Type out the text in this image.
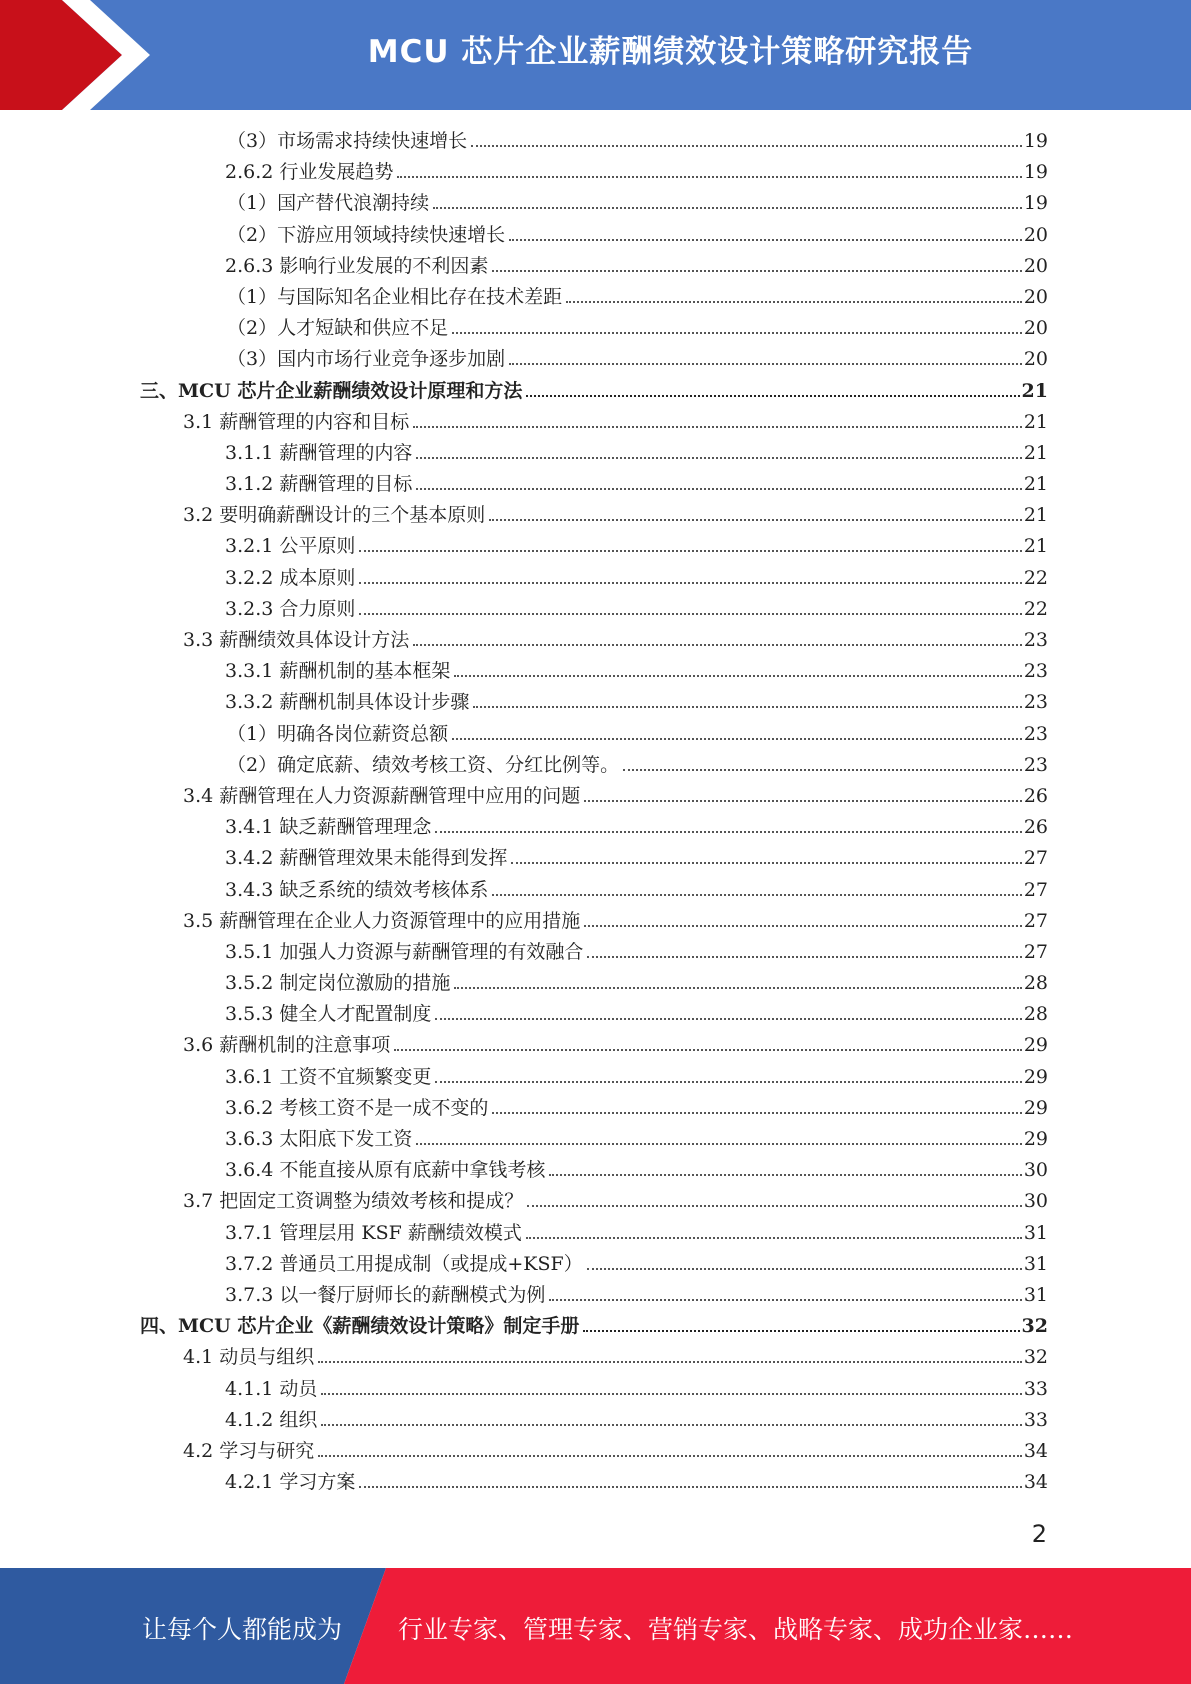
MCU 芯片企业薪酬绩效设计策略研究报告
（3）市场需求持续快速增长	19
2.6.2 行业发展趋势	19
（1）国产替代浪潮持续	19
（2）下游应用领域持续快速增长	20
2.6.3 影响行业发展的不利因素	20
（1）与国际知名企业相比存在技术差距	20
（2）人才短缺和供应不足	20
（3）国内市场行业竞争逐步加剧	20
三、MCU 芯片企业薪酬绩效设计原理和方法	21
3.1 薪酬管理的内容和目标	21
3.1.1 薪酬管理的内容	21
3.1.2 薪酬管理的目标	21
3.2 要明确薪酬设计的三个基本原则	21
3.2.1 公平原则	21
3.2.2 成本原则	22
3.2.3 合力原则	22
3.3 薪酬绩效具体设计方法	23
3.3.1 薪酬机制的基本框架	23
3.3.2 薪酬机制具体设计步骤	23
（1）明确各岗位薪资总额	23
（2）确定底薪、绩效考核工资、分红比例等。	23
3.4 薪酬管理在人力资源薪酬管理中应用的问题	26
3.4.1 缺乏薪酬管理理念	26
3.4.2 薪酬管理效果未能得到发挥	27
3.4.3 缺乏系统的绩效考核体系	27
3.5 薪酬管理在企业人力资源管理中的应用措施	27
3.5.1 加强人力资源与薪酬管理的有效融合	27
3.5.2 制定岗位激励的措施	28
3.5.3 健全人才配置制度	28
3.6 薪酬机制的注意事项	29
3.6.1 工资不宜频繁变更	29
3.6.2 考核工资不是一成不变的	29
3.6.3 太阳底下发工资	29
3.6.4 不能直接从原有底薪中拿钱考核	30
3.7 把固定工资调整为绩效考核和提成？	30
3.7.1 管理层用 KSF 薪酬绩效模式	31
3.7.2 普通员工用提成制（或提成+KSF）	31
3.7.3 以一餐厅厨师长的薪酬模式为例	31
四、MCU 芯片企业《薪酬绩效设计策略》制定手册	32
4.1 动员与组织	32
4.1.1 动员	33
4.1.2 组织	33
4.2 学习与研究	34
4.2.1 学习方案	34
2
让每个人都能成为 行业专家、管理专家、营销专家、战略专家、成功企业家……
